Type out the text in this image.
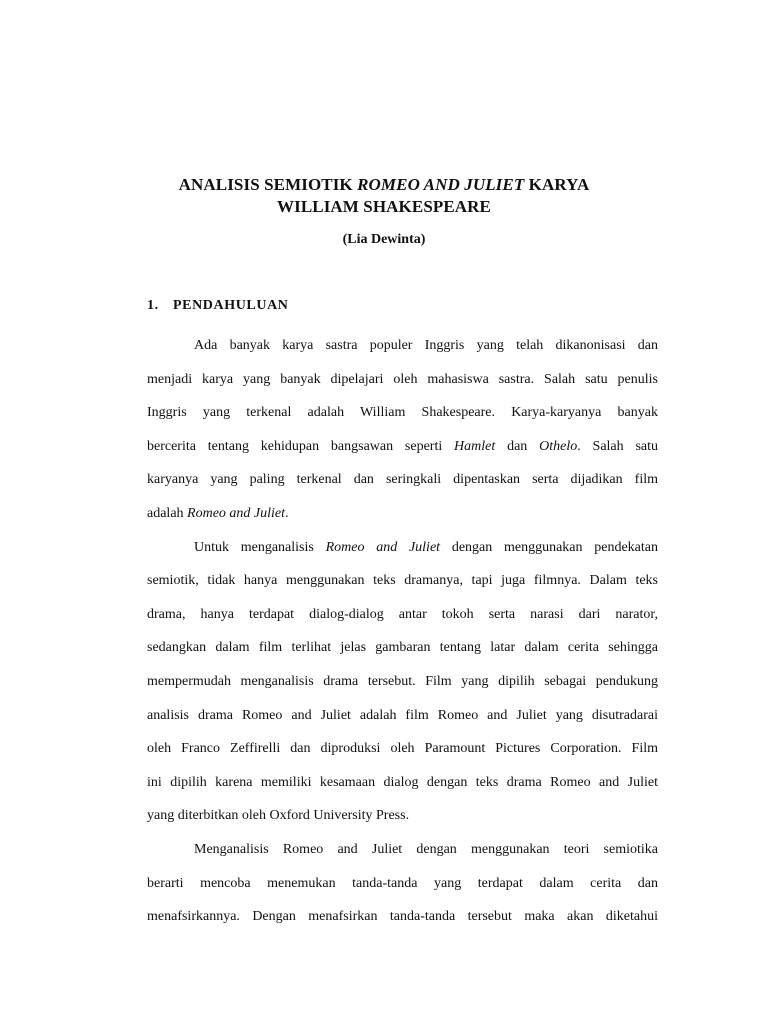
ANALISIS SEMIOTIK ROMEO AND JULIET KARYA
WILLIAM SHAKESPEARE
(Lia Dewinta)
1. PENDAHULUAN
Ada banyak karya sastra populer Inggris yang telah dikanonisasi dan
menjadi karya yang banyak dipelajari oleh mahasiswa sastra. Salah satu penulis
Inggris yang terkenal adalah William Shakespeare. Karya-karyanya banyak
bercerita tentang kehidupan bangsawan seperti Hamlet dan Othelo. Salah satu
karyanya yang paling terkenal dan seringkali dipentaskan serta dijadikan film
adalah Romeo and Juliet.
Untuk menganalisis Romeo and Juliet dengan menggunakan pendekatan
semiotik, tidak hanya menggunakan teks dramanya, tapi juga filmnya. Dalam teks
drama, hanya terdapat dialog-dialog antar tokoh serta narasi dari narator,
sedangkan dalam film terlihat jelas gambaran tentang latar dalam cerita sehingga
mempermudah menganalisis drama tersebut. Film yang dipilih sebagai pendukung
analisis drama Romeo and Juliet adalah film Romeo and Juliet yang disutradarai
oleh Franco Zeffirelli dan diproduksi oleh Paramount Pictures Corporation. Film
ini dipilih karena memiliki kesamaan dialog dengan teks drama Romeo and Juliet
yang diterbitkan oleh Oxford University Press.
Menganalisis Romeo and Juliet dengan menggunakan teori semiotika
berarti mencoba menemukan tanda-tanda yang terdapat dalam cerita dan
menafsirkannya. Dengan menafsirkan tanda-tanda tersebut maka akan diketahui
